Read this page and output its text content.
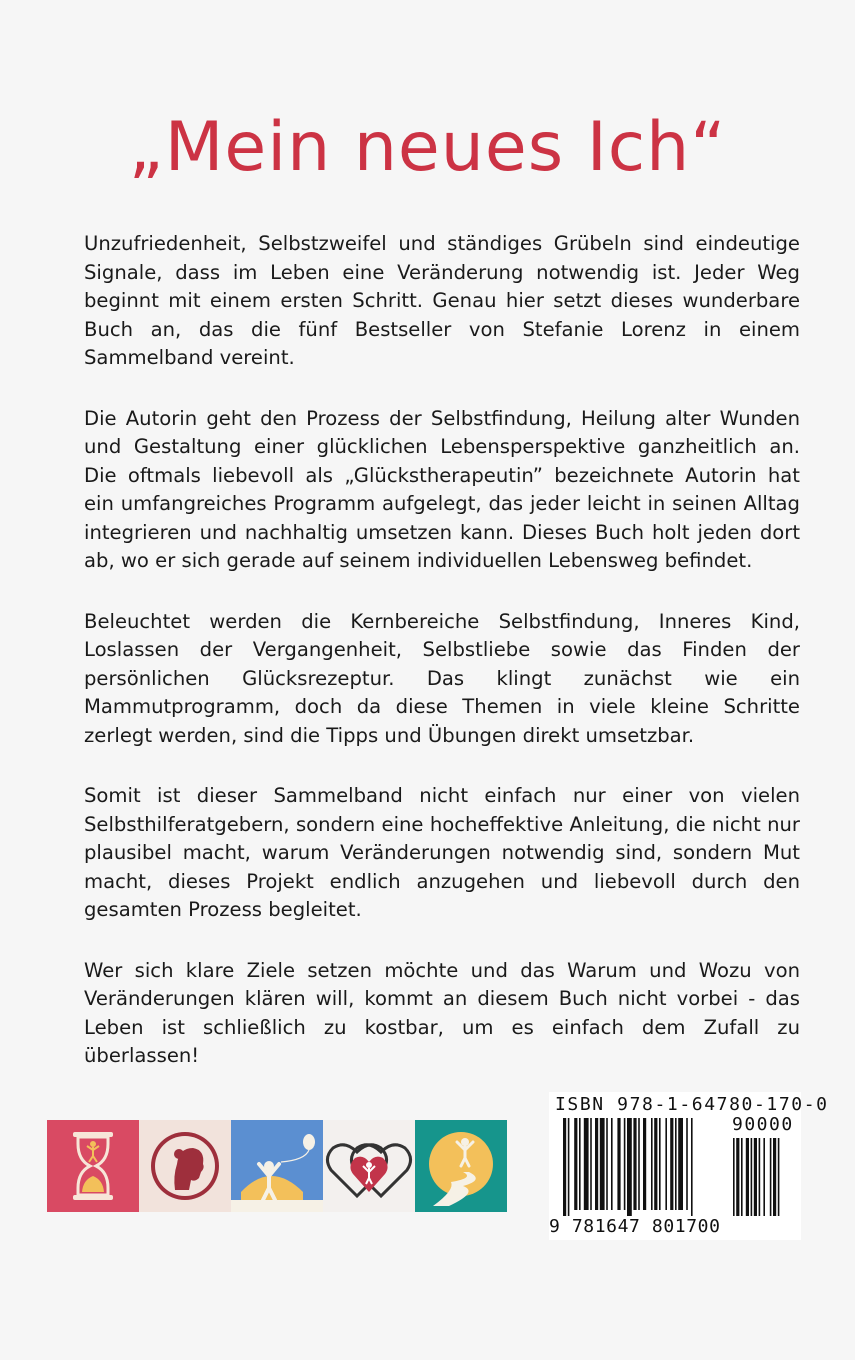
„Mein neues Ich“

Unzufriedenheit, Selbstzweifel und ständiges Grübeln sind eindeutige Signale, dass im Leben eine Veränderung notwendig ist. Jeder Weg beginnt mit einem ersten Schritt. Genau hier setzt dieses wunderbare Buch an, das die fünf Bestseller von Stefanie Lorenz in einem Sammelband vereint.

Die Autorin geht den Prozess der Selbstfindung, Heilung alter Wunden und Gestaltung einer glücklichen Lebensperspektive ganzheitlich an. Die oftmals liebevoll als „Glückstherapeutin” bezeichnete Autorin hat ein umfangreiches Programm aufgelegt, das jeder leicht in seinen Alltag integrieren und nachhaltig umsetzen kann. Dieses Buch holt jeden dort ab, wo er sich gerade auf seinem individuellen Lebensweg befindet.

Beleuchtet werden die Kernbereiche Selbstfindung, Inneres Kind, Loslassen der Vergangenheit, Selbstliebe sowie das Finden der persönlichen Glücksrezeptur. Das klingt zunächst wie ein Mammutprogramm, doch da diese Themen in viele kleine Schritte zerlegt werden, sind die Tipps und Übungen direkt umsetzbar.

Somit ist dieser Sammelband nicht einfach nur einer von vielen Selbsthilferatgebern, sondern eine hocheffektive Anleitung, die nicht nur plausibel macht, warum Veränderungen notwendig sind, sondern Mut macht, dieses Projekt endlich anzugehen und liebevoll durch den gesamten Prozess begleitet.

Wer sich klare Ziele setzen möchte und das Warum und Wozu von Veränderungen klären will, kommt an diesem Buch nicht vorbei - das Leben ist schließlich zu kostbar, um es einfach dem Zufall zu überlassen!

ISBN 978-1-64780-170-0
90000
9 781647 801700
